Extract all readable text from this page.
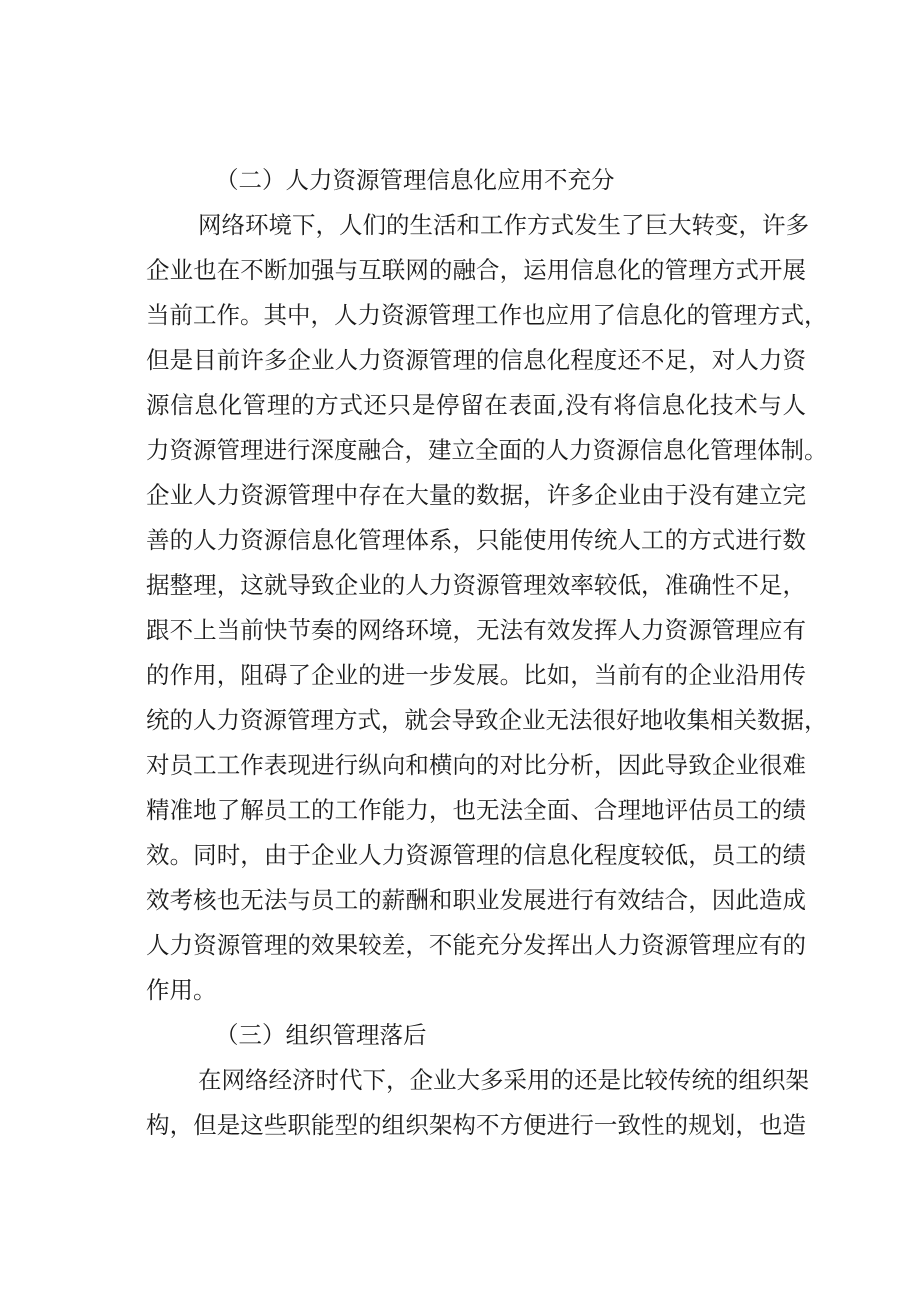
（二）人力资源管理信息化应用不充分
网络环境下，人们的生活和工作方式发生了巨大转变，许多
企业也在不断加强与互联网的融合，运用信息化的管理方式开展
当前工作。其中，人力资源管理工作也应用了信息化的管理方式，
但是目前许多企业人力资源管理的信息化程度还不足，对人力资
源信息化管理的方式还只是停留在表面,没有将信息化技术与人
力资源管理进行深度融合，建立全面的人力资源信息化管理体制。
企业人力资源管理中存在大量的数据，许多企业由于没有建立完
善的人力资源信息化管理体系，只能使用传统人工的方式进行数
据整理，这就导致企业的人力资源管理效率较低，准确性不足，
跟不上当前快节奏的网络环境，无法有效发挥人力资源管理应有
的作用，阻碍了企业的进一步发展。比如，当前有的企业沿用传
统的人力资源管理方式，就会导致企业无法很好地收集相关数据，
对员工工作表现进行纵向和横向的对比分析，因此导致企业很难
精准地了解员工的工作能力，也无法全面、合理地评估员工的绩
效。同时，由于企业人力资源管理的信息化程度较低，员工的绩
效考核也无法与员工的薪酬和职业发展进行有效结合，因此造成
人力资源管理的效果较差，不能充分发挥出人力资源管理应有的
作用。
（三）组织管理落后
在网络经济时代下，企业大多采用的还是比较传统的组织架
构，但是这些职能型的组织架构不方便进行一致性的规划，也造
